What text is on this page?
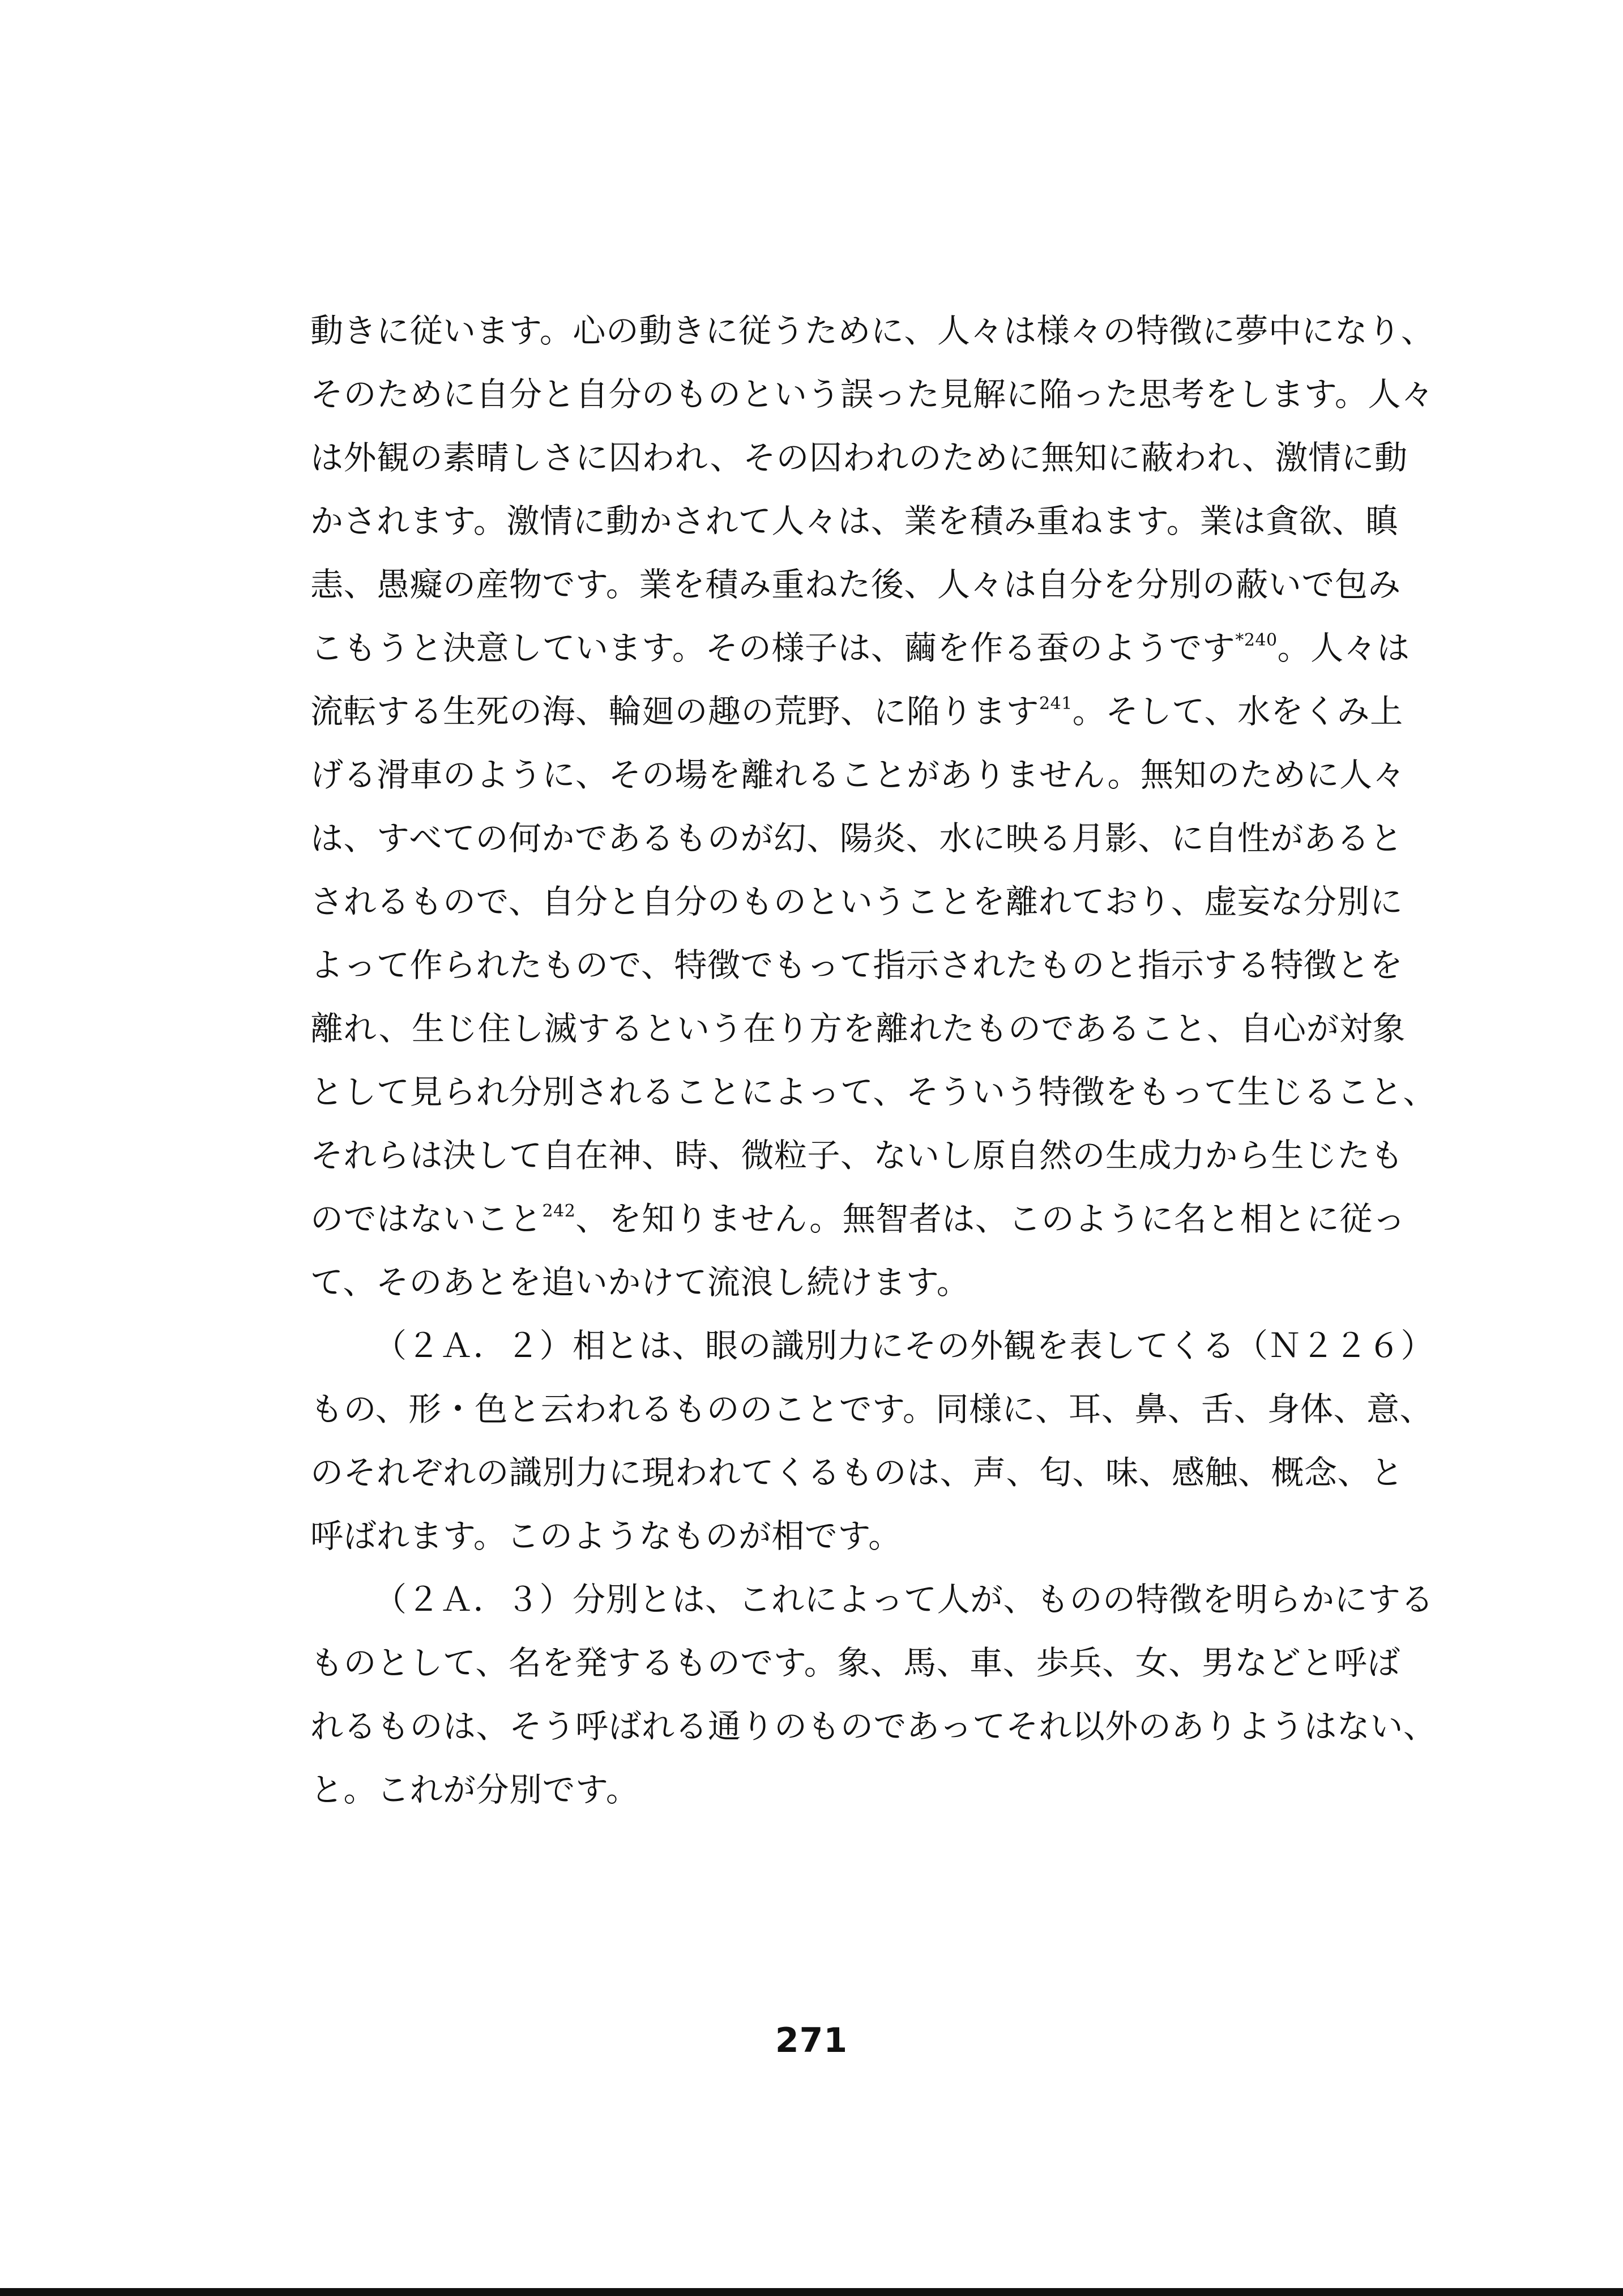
動きに従います。心の動きに従うために、人々は様々の特徴に夢中になり、
そのために自分と自分のものという誤った見解に陥った思考をします。人々
は外観の素晴しさに囚われ、その囚われのために無知に蔽われ、激情に動
かされます。激情に動かされて人々は、業を積み重ねます。業は貪欲、瞋
恚、愚癡の産物です。業を積み重ねた後、人々は自分を分別の蔽いで包み
こもうと決意しています。その様子は、繭を作る蚕のようです$^{*240}$。人々は
流転する生死の海、輪廻の趣の荒野、に陥ります$^{241}$。そして、水をくみ上
げる滑車のように、その場を離れることがありません。無知のために人々
は、すべての何かであるものが幻、陽炎、水に映る月影、に自性があると
されるもので、自分と自分のものということを離れており、虚妄な分別に
よって作られたもので、特徴でもって指示されたものと指示する特徴とを
離れ、生じ住し滅するという在り方を離れたものであること、自心が対象
として見られ分別されることによって、そういう特徴をもって生じること、
それらは決して自在神、時、微粒子、ないし原自然の生成力から生じたも
のではないこと$^{242}$、を知りません。無智者は、このように名と相とに従っ
て、そのあとを追いかけて流浪し続けます。
（２Ａ．２）相とは、眼の識別力にその外観を表してくる（Ｎ２２６）
もの、形・色と云われるもののことです。同様に、耳、鼻、舌、身体、意、
のそれぞれの識別力に現われてくるものは、声、匂、味、感触、概念、と
呼ばれます。このようなものが相です。
（２Ａ．３）分別とは、これによって人が、ものの特徴を明らかにする
ものとして、名を発するものです。象、馬、車、歩兵、女、男などと呼ば
れるものは、そう呼ばれる通りのものであってそれ以外のありようはない、
と。これが分別です。
271
